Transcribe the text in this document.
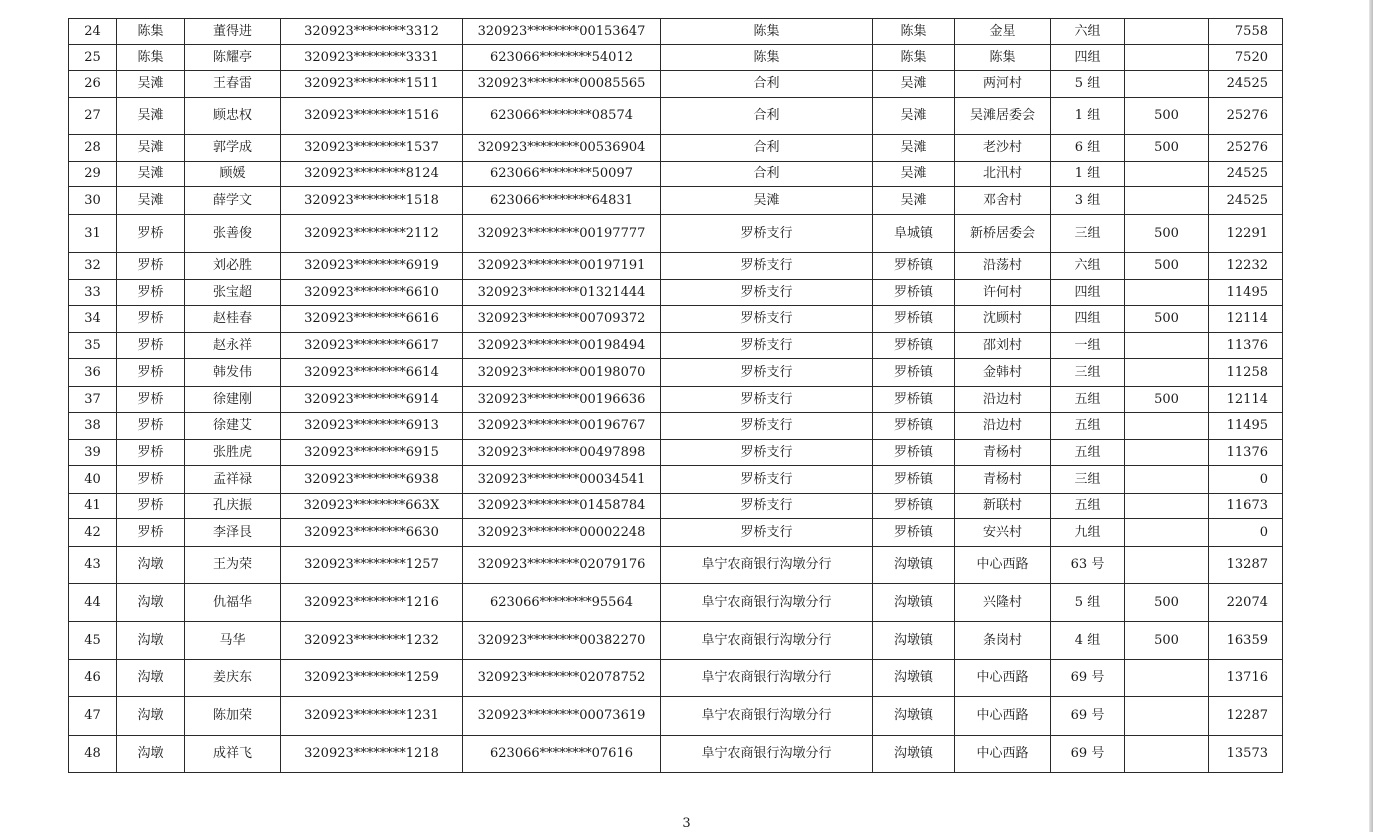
24	陈集	董得进	320923********3312	320923********00153647	陈集	陈集	金星	六组		7558
25	陈集	陈耀亭	320923********3331	623066********54012	陈集	陈集	陈集	四组		7520
26	吴滩	王春雷	320923********1511	320923********00085565	合利	吴滩	两河村	5 组		24525
27	吴滩	顾忠权	320923********1516	623066********08574	合利	吴滩	吴滩居委会	1 组	500	25276
28	吴滩	郭学成	320923********1537	320923********00536904	合利	吴滩	老沙村	6 组	500	25276
29	吴滩	顾媛	320923********8124	623066********50097	合利	吴滩	北汛村	1 组		24525
30	吴滩	薛学文	320923********1518	623066********64831	吴滩	吴滩	邓舍村	3 组		24525
31	罗桥	张善俊	320923********2112	320923********00197777	罗桥支行	阜城镇	新桥居委会	三组	500	12291
32	罗桥	刘必胜	320923********6919	320923********00197191	罗桥支行	罗桥镇	沿荡村	六组	500	12232
33	罗桥	张宝超	320923********6610	320923********01321444	罗桥支行	罗桥镇	许何村	四组		11495
34	罗桥	赵桂春	320923********6616	320923********00709372	罗桥支行	罗桥镇	沈顾村	四组	500	12114
35	罗桥	赵永祥	320923********6617	320923********00198494	罗桥支行	罗桥镇	邵刘村	一组		11376
36	罗桥	韩发伟	320923********6614	320923********00198070	罗桥支行	罗桥镇	金韩村	三组		11258
37	罗桥	徐建刚	320923********6914	320923********00196636	罗桥支行	罗桥镇	沿边村	五组	500	12114
38	罗桥	徐建艾	320923********6913	320923********00196767	罗桥支行	罗桥镇	沿边村	五组		11495
39	罗桥	张胜虎	320923********6915	320923********00497898	罗桥支行	罗桥镇	青杨村	五组		11376
40	罗桥	孟祥禄	320923********6938	320923********00034541	罗桥支行	罗桥镇	青杨村	三组		0
41	罗桥	孔庆振	320923********663X	320923********01458784	罗桥支行	罗桥镇	新联村	五组		11673
42	罗桥	李泽艮	320923********6630	320923********00002248	罗桥支行	罗桥镇	安兴村	九组		0
43	沟墩	王为荣	320923********1257	320923********02079176	阜宁农商银行沟墩分行	沟墩镇	中心西路	63 号		13287
44	沟墩	仇福华	320923********1216	623066********95564	阜宁农商银行沟墩分行	沟墩镇	兴隆村	5 组	500	22074
45	沟墩	马华	320923********1232	320923********00382270	阜宁农商银行沟墩分行	沟墩镇	条岗村	4 组	500	16359
46	沟墩	姜庆东	320923********1259	320923********02078752	阜宁农商银行沟墩分行	沟墩镇	中心西路	69 号		13716
47	沟墩	陈加荣	320923********1231	320923********00073619	阜宁农商银行沟墩分行	沟墩镇	中心西路	69 号		12287
48	沟墩	成祥飞	320923********1218	623066********07616	阜宁农商银行沟墩分行	沟墩镇	中心西路	69 号		13573
3
